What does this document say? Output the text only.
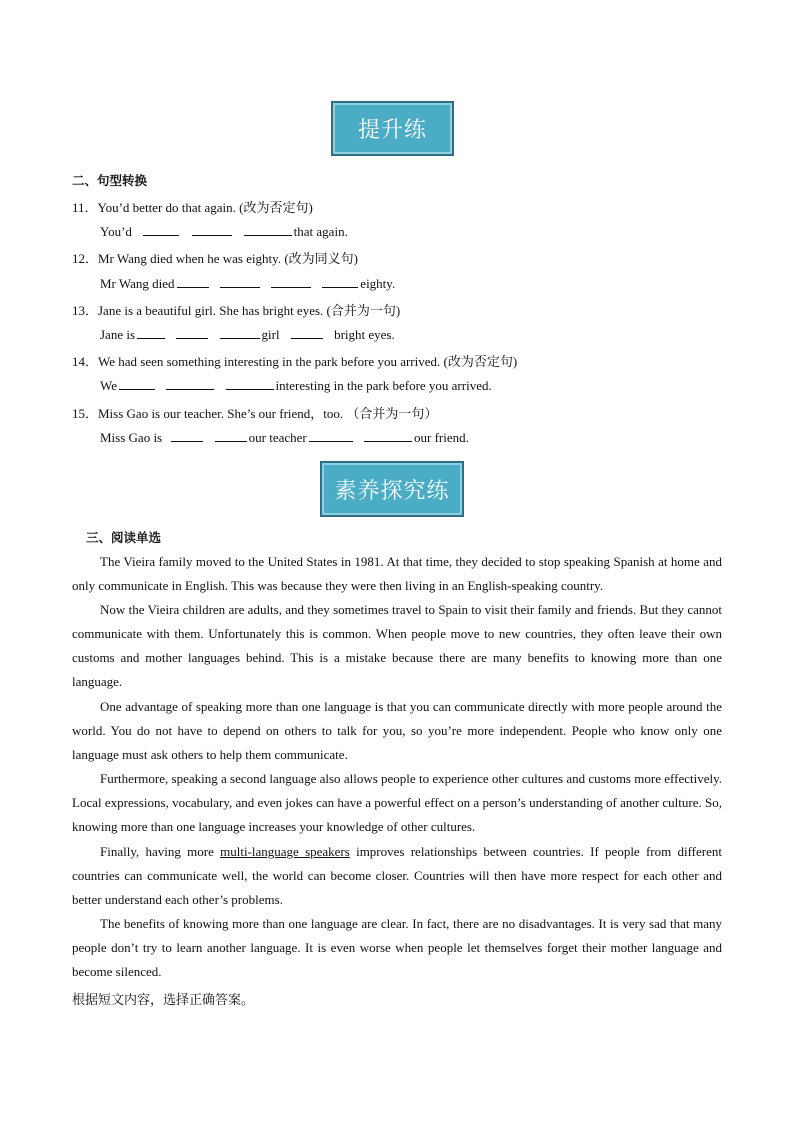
提升练
二、句型转换
11．You’d better do that again. (改为否定句)
You’d	that again.
12．Mr Wang died when he was eighty. (改为同义句)
Mr Wang died	eighty.
13．Jane is a beautiful girl. She has bright eyes. (合并为一句)
Jane is	girl	bright eyes.
14．We had seen something interesting in the park before you arrived. (改为否定句)
We	interesting in the park before you arrived.
15．Miss Gao is our teacher. She’s our friend，too. （合并为一句）
Miss Gao is	our teacher	our friend.
素养探究练
三、阅读单选
The Vieira family moved to the United States in 1981. At that time, they decided to stop speaking Spanish at home and only communicate in English. This was because they were then living in an English-speaking country.
Now the Vieira children are adults, and they sometimes travel to Spain to visit their family and friends. But they cannot communicate with them. Unfortunately this is common. When people move to new countries, they often leave their own customs and mother languages behind. This is a mistake because there are many benefits to knowing more than one language.
One advantage of speaking more than one language is that you can communicate directly with more people around the world. You do not have to depend on others to talk for you, so you’re more independent. People who know only one language must ask others to help them communicate.
Furthermore, speaking a second language also allows people to experience other cultures and customs more effectively. Local expressions, vocabulary, and even jokes can have a powerful effect on a person’s understanding of another culture. So, knowing more than one language increases your knowledge of other cultures.
Finally, having more multi-language speakers improves relationships between countries. If people from different countries can communicate well, the world can become closer. Countries will then have more respect for each other and better understand each other’s problems.
The benefits of knowing more than one language are clear. In fact, there are no disadvantages. It is very sad that many people don’t try to learn another language. It is even worse when people let themselves forget their mother language and become silenced.
根据短文内容，选择正确答案。
